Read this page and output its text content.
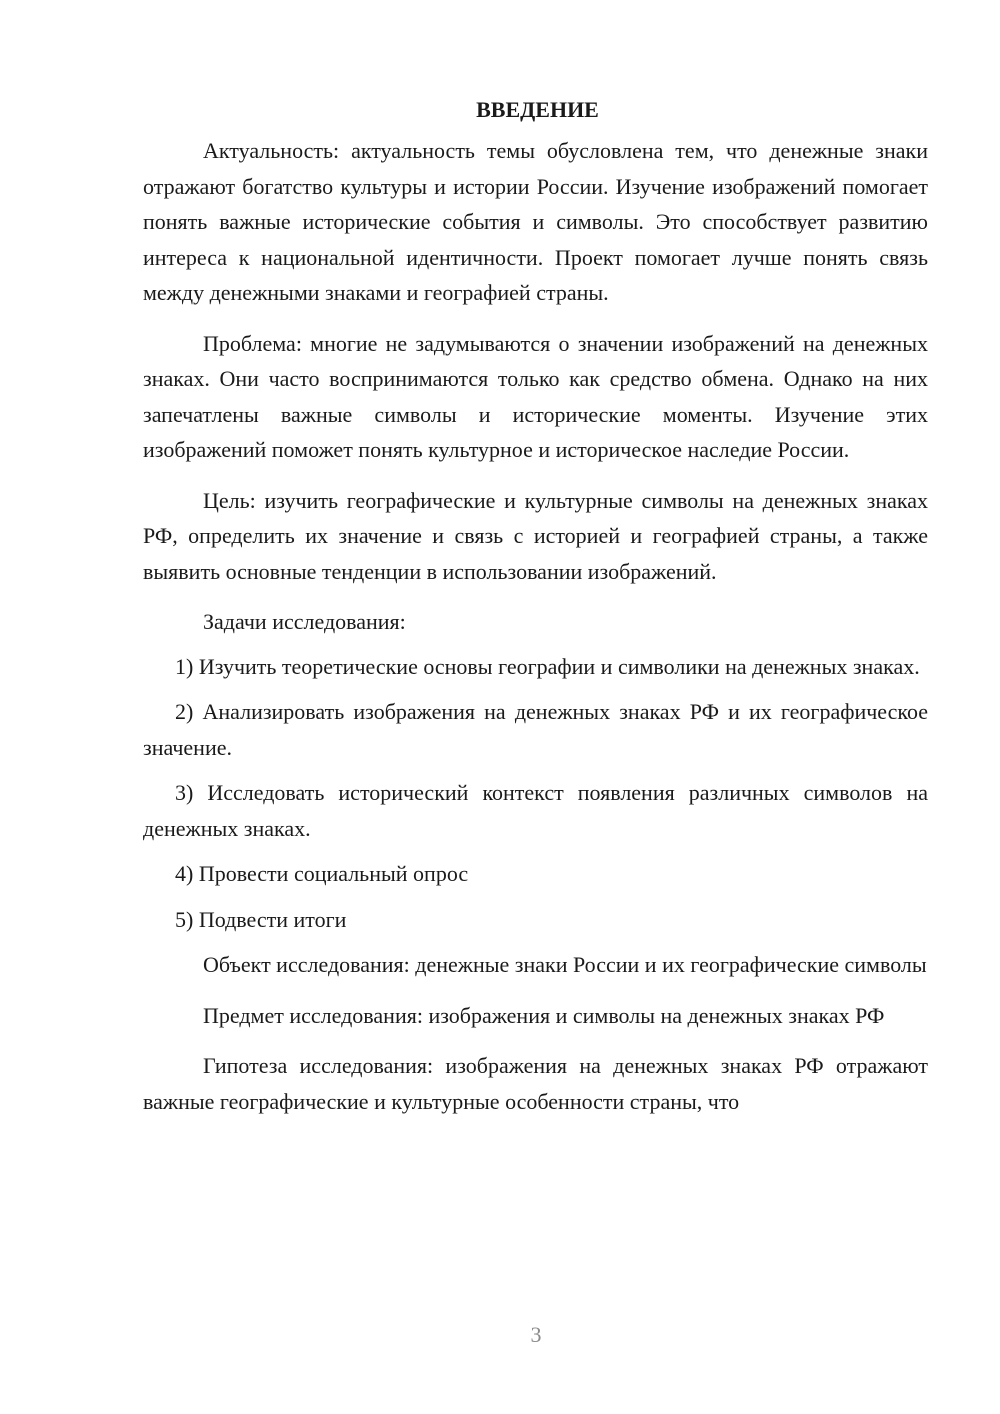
ВВЕДЕНИЕ

Актуальность: актуальность темы обусловлена тем, что денежные знаки отражают богатство культуры и истории России. Изучение изображений помогает понять важные исторические события и символы. Это способствует развитию интереса к национальной идентичности. Проект помогает лучше понять связь между денежными знаками и географией страны.

Проблема: многие не задумываются о значении изображений на денежных знаках. Они часто воспринимаются только как средство обмена. Однако на них запечатлены важные символы и исторические моменты. Изучение этих изображений поможет понять культурное и историческое наследие России.

Цель: изучить географические и культурные символы на денежных знаках РФ, определить их значение и связь с историей и географией страны, а также выявить основные тенденции в использовании изображений.

Задачи исследования:

1) Изучить теоретические основы географии и символики на денежных знаках.

2) Анализировать изображения на денежных знаках РФ и их географическое значение.

3) Исследовать исторический контекст появления различных символов на денежных знаках.

4) Провести социальный опрос

5) Подвести итоги

Объект исследования: денежные знаки России и их географические символы

Предмет исследования: изображения и символы на денежных знаках РФ

Гипотеза исследования: изображения на денежных знаках РФ отражают важные географические и культурные особенности страны, что

3
